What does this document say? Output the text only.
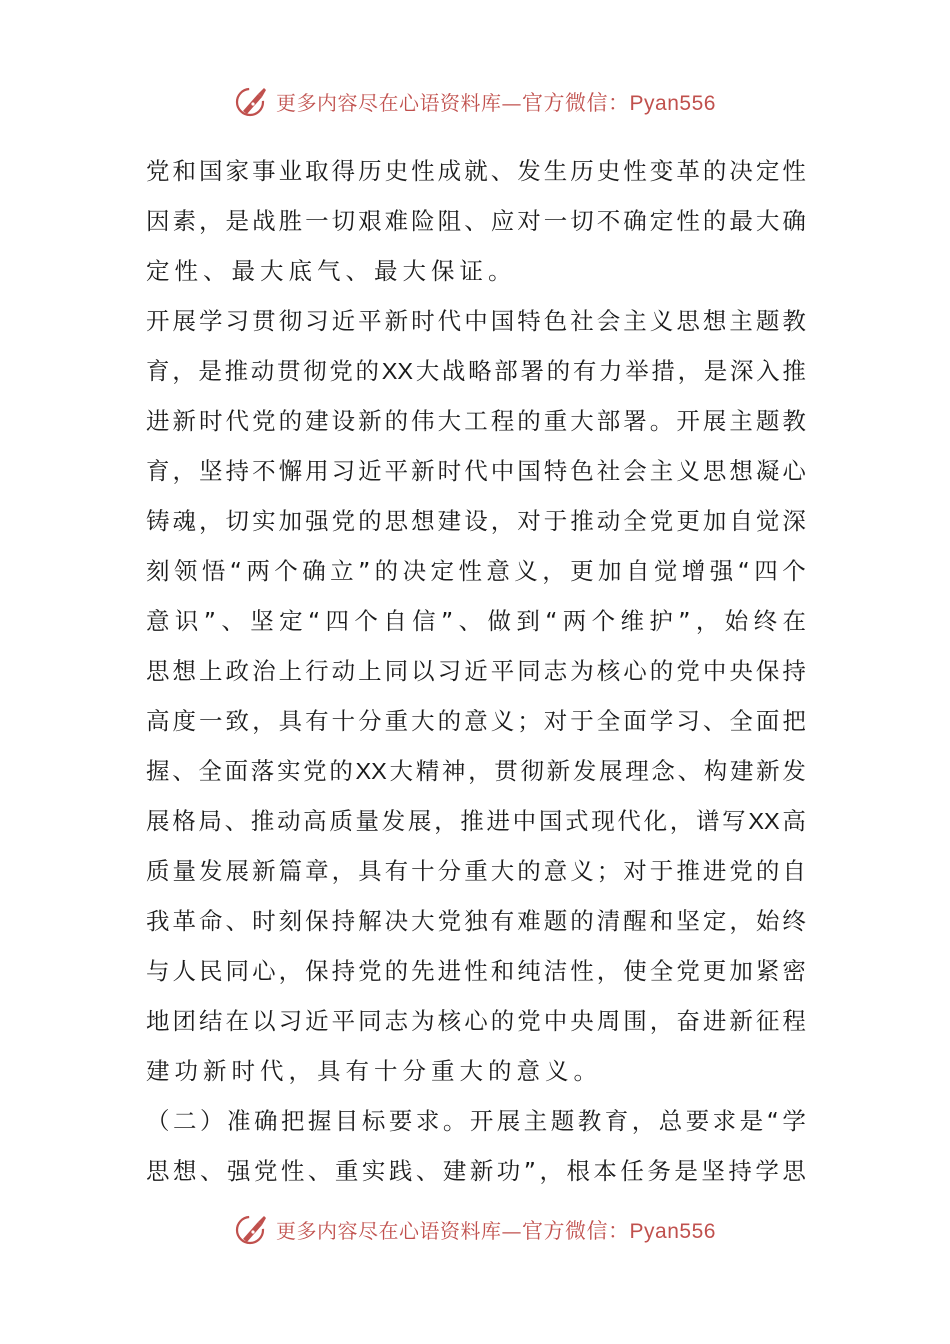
更多内容尽在心语资料库—官方微信：Pyan556
党 和 国 家 事 业 取 得 历 史 性 成 就 、 发 生 历 史 性 变 革 的 决 定 性
因 素 ， 是 战 胜 一 切 艰 难 险 阻 、 应 对 一 切 不 确 定 性 的 最 大 确
定性、最大底气、最大保证。
开 展 学 习 贯 彻 习 近 平 新 时 代 中 国 特 色 社 会 主 义 思 想 主 题 教
育 ， 是 推 动 贯 彻 党 的 XX 大 战 略 部 署 的 有 力 举 措 ， 是 深 入 推
进 新 时 代 党 的 建 设 新 的 伟 大 工 程 的 重 大 部 署 。 开 展 主 题 教
育 ， 坚 持 不 懈 用 习 近 平 新 时 代 中 国 特 色 社 会 主 义 思 想 凝 心
铸 魂 ， 切 实 加 强 党 的 思 想 建 设 ， 对 于 推 动 全 党 更 加 自 觉 深
刻 领 悟 “ 两 个 确 立 ” 的 决 定 性 意 义 ， 更 加 自 觉 增 强 “ 四 个
意 识 ” 、 坚 定 “ 四 个 自 信 ” 、 做 到 “ 两 个 维 护 ” ， 始 终 在
思 想 上 政 治 上 行 动 上 同 以 习 近 平 同 志 为 核 心 的 党 中 央 保 持
高 度 一 致 ， 具 有 十 分 重 大 的 意 义 ； 对 于 全 面 学 习 、 全 面 把
握 、 全 面 落 实 党 的 XX 大 精 神 ， 贯 彻 新 发 展 理 念 、 构 建 新 发
展 格 局 、 推 动 高 质 量 发 展 ， 推 进 中 国 式 现 代 化 ， 谱 写 XX 高
质 量 发 展 新 篇 章 ， 具 有 十 分 重 大 的 意 义 ； 对 于 推 进 党 的 自
我 革 命 、 时 刻 保 持 解 决 大 党 独 有 难 题 的 清 醒 和 坚 定 ， 始 终
与 人 民 同 心 ， 保 持 党 的 先 进 性 和 纯 洁 性 ， 使 全 党 更 加 紧 密
地 团 结 在 以 习 近 平 同 志 为 核 心 的 党 中 央 周 围 ， 奋 进 新 征 程
建功新时代，具有十分重大的意义。
（ 二 ） 准 确 把 握 目 标 要 求 。 开 展 主 题 教 育 ， 总 要 求 是 “ 学
思 想 、 强 党 性 、 重 实 践 、 建 新 功 ” ， 根 本 任 务 是 坚 持 学 思
更多内容尽在心语资料库—官方微信：Pyan556
